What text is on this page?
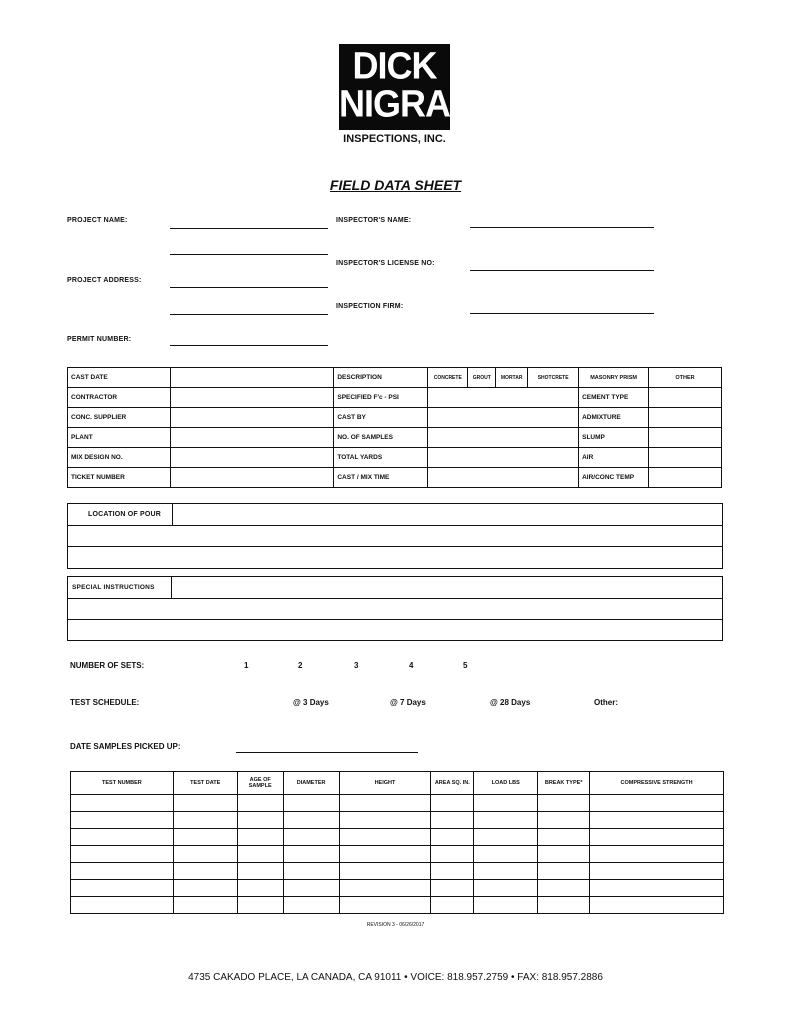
DICK
NIGRA
INSPECTIONS, INC.
FIELD DATA SHEET
PROJECT NAME:
PROJECT ADDRESS:
PERMIT NUMBER:
INSPECTOR'S NAME:
INSPECTOR'S LICENSE NO:
INSPECTION FIRM:
CAST DATE		DESCRIPTION	CONCRETE	GROUT	MORTAR	SHOTCRETE	MASONRY PRISM	OTHER
CONTRACTOR		SPECIFIED F'c - PSI					CEMENT TYPE	
CONC. SUPPLIER		CAST BY					ADMIXTURE	
PLANT		NO. OF SAMPLES					SLUMP	
MIX DESIGN NO.		TOTAL YARDS					AIR	
TICKET NUMBER		CAST / MIX TIME					AIR/CONC TEMP	
LOCATION OF POUR
SPECIAL INSTRUCTIONS
NUMBER OF SETS:	1	2	3	4	5
TEST SCHEDULE:	@ 3 Days	@ 7 Days	@ 28 Days	Other:
DATE SAMPLES PICKED UP:
TEST NUMBER	TEST DATE	AGE OF SAMPLE	DIAMETER	HEIGHT	AREA SQ. IN.	LOAD LBS	BREAK TYPE*	COMPRESSIVE STRENGTH

REVISION 3 - 06/26/2017
4735 CAKADO PLACE, LA CANADA, CA 91011 • VOICE: 818.957.2759 • FAX: 818.957.2886
